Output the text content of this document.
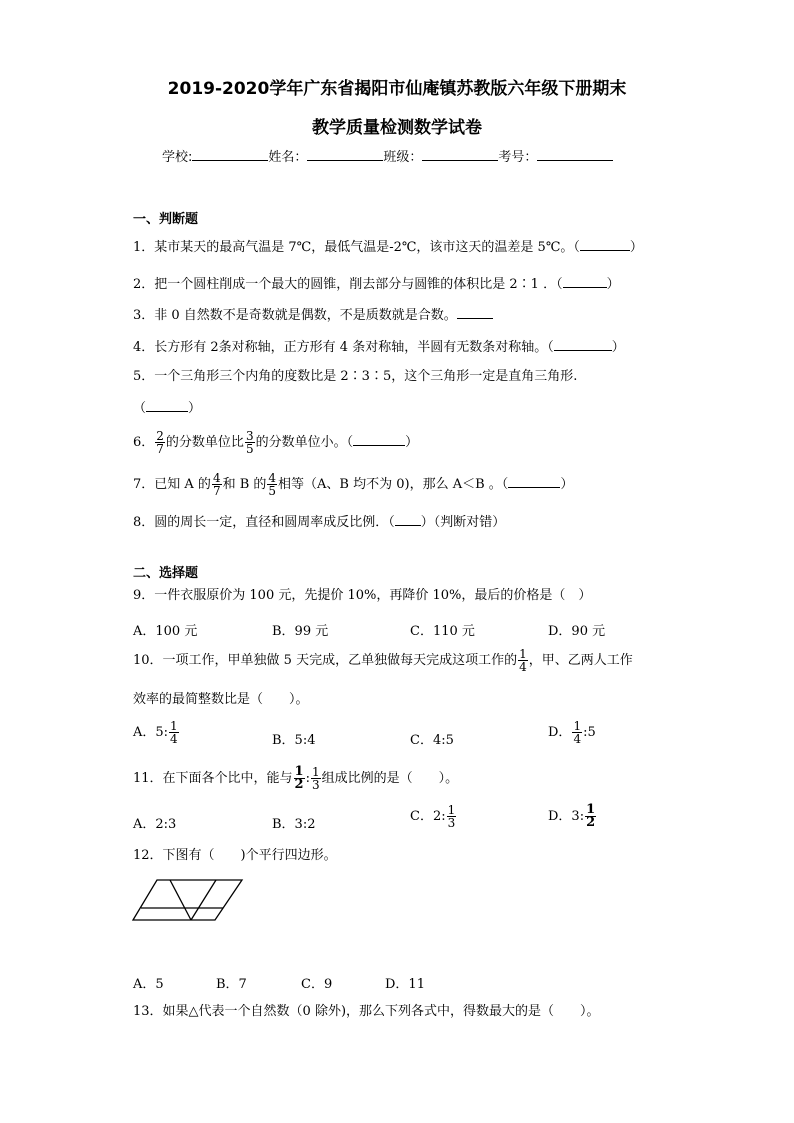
2019-2020学年广东省揭阳市仙庵镇苏教版六年级下册期末
教学质量检测数学试卷
学校:	姓名：	班级：	考号：
一、判断题
1．某市某天的最高气温是 7℃，最低气温是-2℃，该市这天的温差是 5℃。（	）
2．把一个圆柱削成一个最大的圆锥，削去部分与圆锥的体积比是 2∶1 ．（	）
3．非 0 自然数不是奇数就是偶数，不是质数就是合数。
4．长方形有 2条对称轴，正方形有 4 条对称轴，半圆有无数条对称轴。（	）
5．一个三角形三个内角的度数比是 2∶3∶5，这个三角形一定是直角三角形.
（	）
6． $\frac{2}{7}$ 的分数单位比 $\frac{3}{5}$ 的分数单位小。（	）
7．已知 A 的 $\frac{4}{7}$ 和 B 的 $\frac{4}{5}$ 相等（A、B 均不为 0)，那么 A＜B 。（	）
8．圆的周长一定，直径和圆周率成反比例．（ ）（判断对错）
二、选择题
9．一件衣服原价为 100 元，先提价 10%，再降价 10%，最后的价格是（　）
A．100 元	B．99 元	C．110 元	D．90 元
10．一项工作，甲单独做 5 天完成，乙单独做每天完成这项工作的 $\frac{1}{4}$ ，甲、乙两人工作
效率的最简整数比是（　　）。
A．5: $\frac{1}{4}$	B．5:4	C．4:5
D． $\frac{1}{4}$ :5
11．在下面各个比中，能与 $\frac{1}{2}$ : $\frac{1}{3}$ 组成比例的是（　　）。
A．2:3	B．3:2
C．2: $\frac{1}{3}$	D．3: $\frac{1}{2}$
12．下图有（　　)个平行四边形。
A．5	B．7	C．9	D．11
13．如果△代表一个自然数（0 除外)，那么下列各式中，得数最大的是（　　）。
